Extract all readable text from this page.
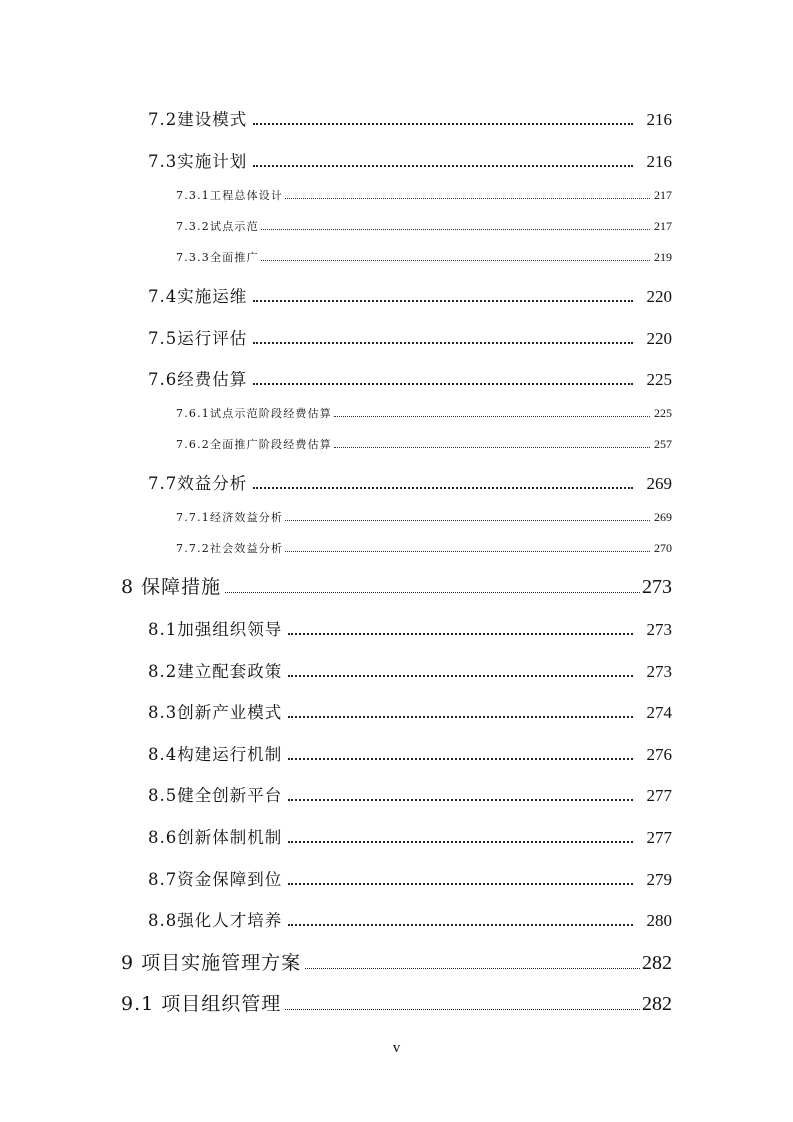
7.2建设模式	216
7.3实施计划	216
7.3.1工程总体设计	217
7.3.2试点示范	217
7.3.3全面推广	219
7.4实施运维	220
7.5运行评估	220
7.6经费估算	225
7.6.1试点示范阶段经费估算	225
7.6.2全面推广阶段经费估算	257
7.7效益分析	269
7.7.1经济效益分析	269
7.7.2社会效益分析	270
8 保障措施	273
8.1加强组织领导	273
8.2建立配套政策	273
8.3创新产业模式	274
8.4构建运行机制	276
8.5健全创新平台	277
8.6创新体制机制	277
8.7资金保障到位	279
8.8强化人才培养	280
9 项目实施管理方案	282
9.1 项目组织管理	282
v
